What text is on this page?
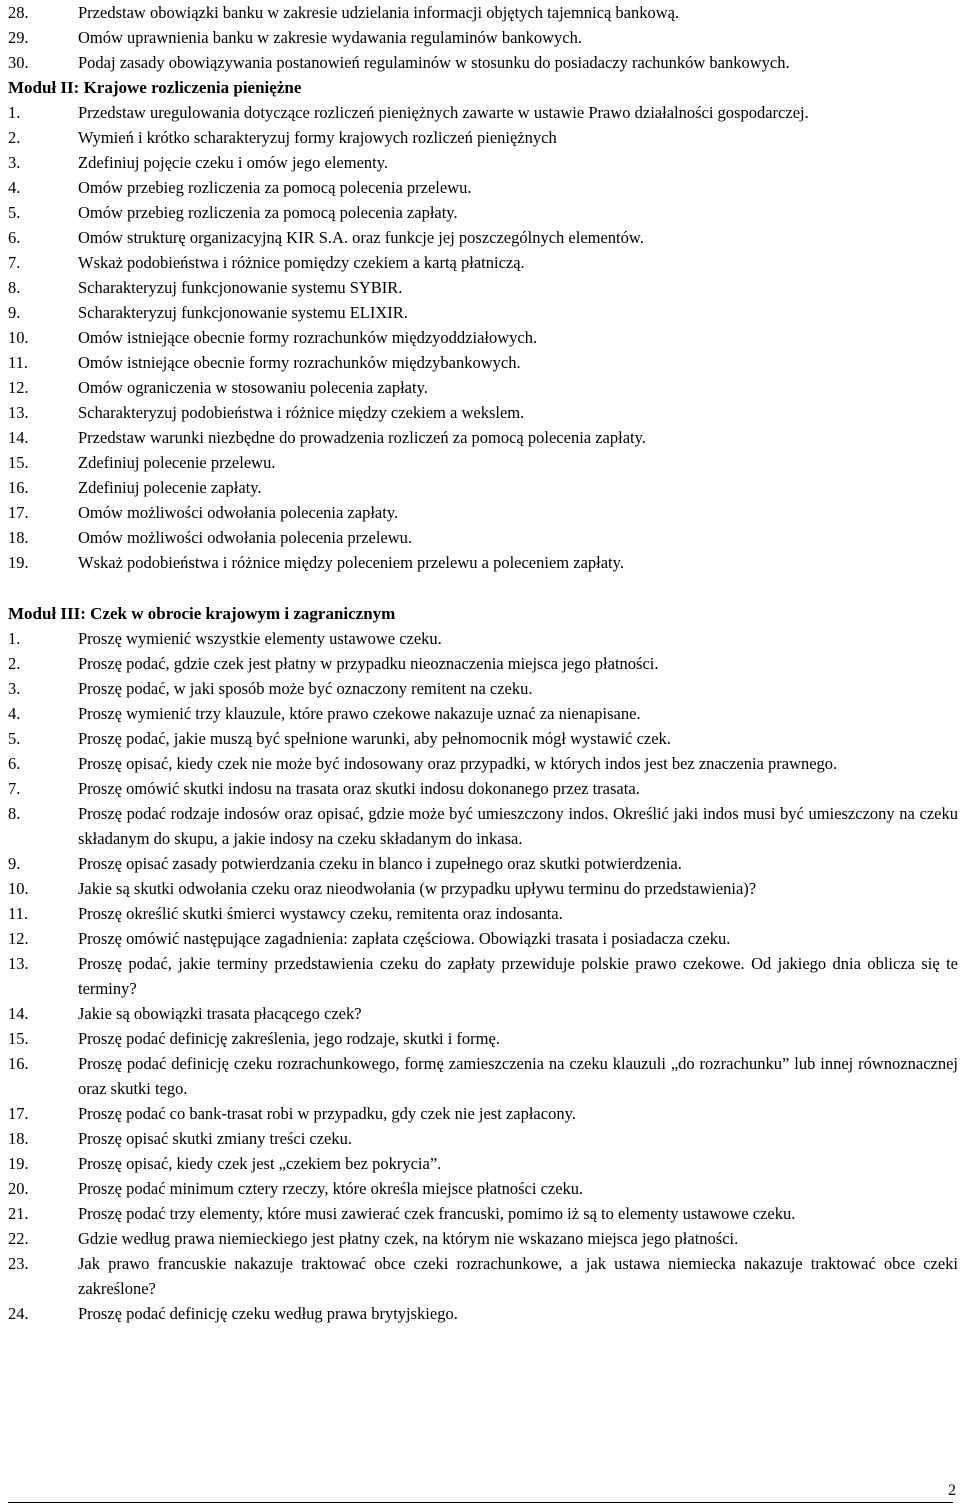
28.	Przedstaw obowiązki banku w zakresie udzielania informacji objętych tajemnicą bankową.
29.	Omów uprawnienia banku w zakresie wydawania regulaminów bankowych.
30.	Podaj zasady obowiązywania postanowień regulaminów w stosunku do posiadaczy rachunków bankowych.
Moduł II: Krajowe rozliczenia pieniężne
1.	Przedstaw uregulowania dotyczące rozliczeń pieniężnych zawarte w ustawie Prawo działalności gospodarczej.
2.	Wymień i krótko scharakteryzuj formy krajowych rozliczeń pieniężnych
3.	Zdefiniuj pojęcie czeku i omów jego elementy.
4.	Omów przebieg rozliczenia za pomocą polecenia przelewu.
5.	Omów przebieg rozliczenia za pomocą polecenia zapłaty.
6.	Omów strukturę organizacyjną KIR S.A. oraz funkcje jej poszczególnych elementów.
7.	Wskaż podobieństwa i różnice pomiędzy czekiem a kartą płatniczą.
8.	Scharakteryzuj funkcjonowanie systemu SYBIR.
9.	Scharakteryzuj funkcjonowanie systemu ELIXIR.
10.	Omów istniejące obecnie formy rozrachunków międzyoddziałowych.
11.	Omów istniejące obecnie formy rozrachunków międzybankowych.
12.	Omów ograniczenia w stosowaniu polecenia zapłaty.
13.	Scharakteryzuj podobieństwa i różnice między czekiem a wekslem.
14.	Przedstaw warunki niezbędne do prowadzenia rozliczeń za pomocą polecenia zapłaty.
15.	Zdefiniuj polecenie przelewu.
16.	Zdefiniuj polecenie zapłaty.
17.	Omów możliwości odwołania polecenia zapłaty.
18.	Omów możliwości odwołania polecenia przelewu.
19.	Wskaż podobieństwa i różnice między poleceniem przelewu a poleceniem zapłaty.
Moduł III: Czek w obrocie krajowym i zagranicznym
1.	Proszę wymienić wszystkie elementy ustawowe czeku.
2.	Proszę podać, gdzie czek jest płatny w przypadku nieoznaczenia miejsca jego płatności.
3.	Proszę podać, w jaki sposób może być oznaczony remitent na czeku.
4.	Proszę wymienić trzy klauzule, które prawo czekowe nakazuje uznać za nienapisane.
5.	Proszę podać, jakie muszą być spełnione warunki, aby pełnomocnik mógł wystawić czek.
6.	Proszę opisać, kiedy czek nie może być indosowany oraz przypadki, w których indos jest bez znaczenia prawnego.
7.	Proszę omówić skutki indosu na trasata oraz skutki indosu dokonanego przez trasata.
8.	Proszę podać rodzaje indosów oraz opisać, gdzie może być umieszczony indos. Określić jaki indos musi być umieszczony na czeku składanym do skupu, a jakie indosy na czeku składanym do inkasa.
9.	Proszę opisać zasady potwierdzania czeku in blanco i zupełnego oraz skutki potwierdzenia.
10.	Jakie są skutki odwołania czeku oraz nieodwołania (w przypadku upływu terminu do przedstawienia)?
11.	Proszę określić skutki śmierci wystawcy czeku, remitenta oraz indosanta.
12.	Proszę omówić następujące zagadnienia: zapłata częściowa. Obowiązki trasata i posiadacza czeku.
13.	Proszę podać, jakie terminy przedstawienia czeku do zapłaty przewiduje polskie prawo czekowe. Od jakiego dnia oblicza się te terminy?
14.	Jakie są obowiązki trasata płacącego czek?
15.	Proszę podać definicję zakreślenia, jego rodzaje, skutki i formę.
16.	Proszę podać definicję czeku rozrachunkowego, formę zamieszczenia na czeku klauzuli „do rozrachunku” lub innej równoznacznej oraz skutki tego.
17.	Proszę podać co bank-trasat robi w przypadku, gdy czek nie jest zapłacony.
18.	Proszę opisać skutki zmiany treści czeku.
19.	Proszę opisać, kiedy czek jest „czekiem bez pokrycia”.
20.	Proszę podać minimum cztery rzeczy, które określa miejsce płatności czeku.
21.	Proszę podać trzy elementy, które musi zawierać czek francuski, pomimo iż są to elementy ustawowe czeku.
22.	Gdzie według prawa niemieckiego jest płatny czek, na którym nie wskazano miejsca jego płatności.
23.	Jak prawo francuskie nakazuje traktować obce czeki rozrachunkowe, a jak ustawa niemiecka nakazuje traktować obce czeki zakreślone?
24.	Proszę podać definicję czeku według prawa brytyjskiego.
2
